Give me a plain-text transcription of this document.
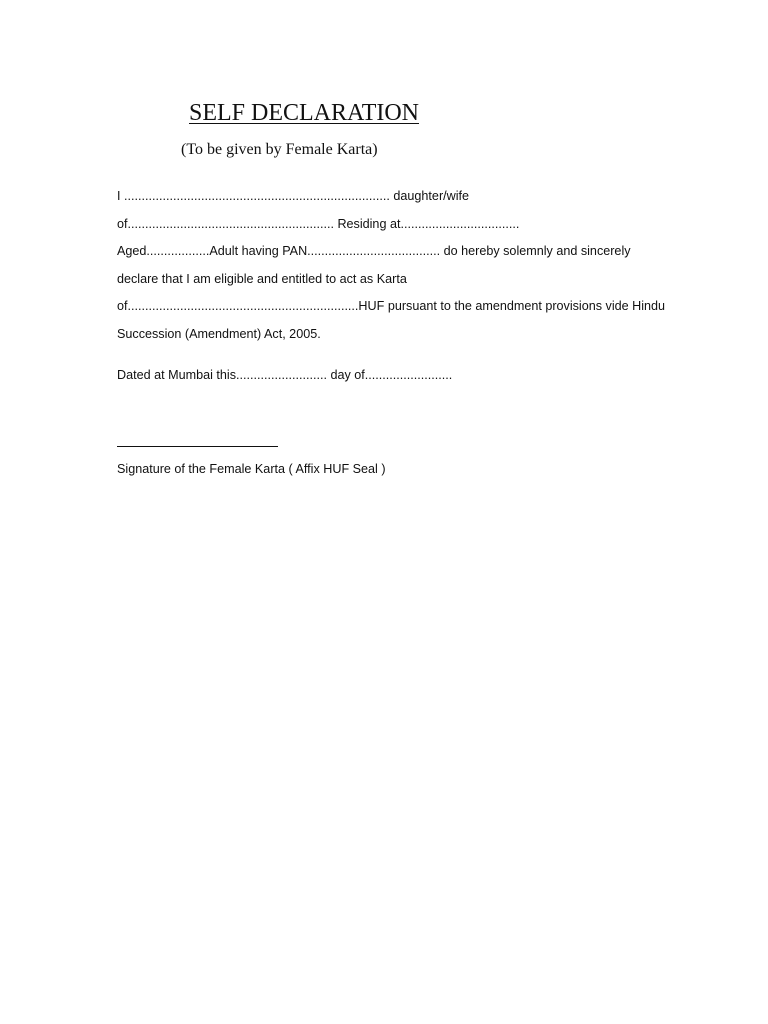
SELF DECLARATION
(To be given by Female Karta)
I ............................................................................ daughter/wife
of........................................................... Residing at..................................
Aged..................Adult having PAN...................................... do hereby solemnly and sincerely
declare that I am eligible and entitled to act as Karta
of..................................................................HUF pursuant to the amendment provisions vide Hindu
Succession (Amendment) Act, 2005.
Dated at Mumbai this.......................... day of.........................
Signature of the Female Karta ( Affix HUF Seal )
